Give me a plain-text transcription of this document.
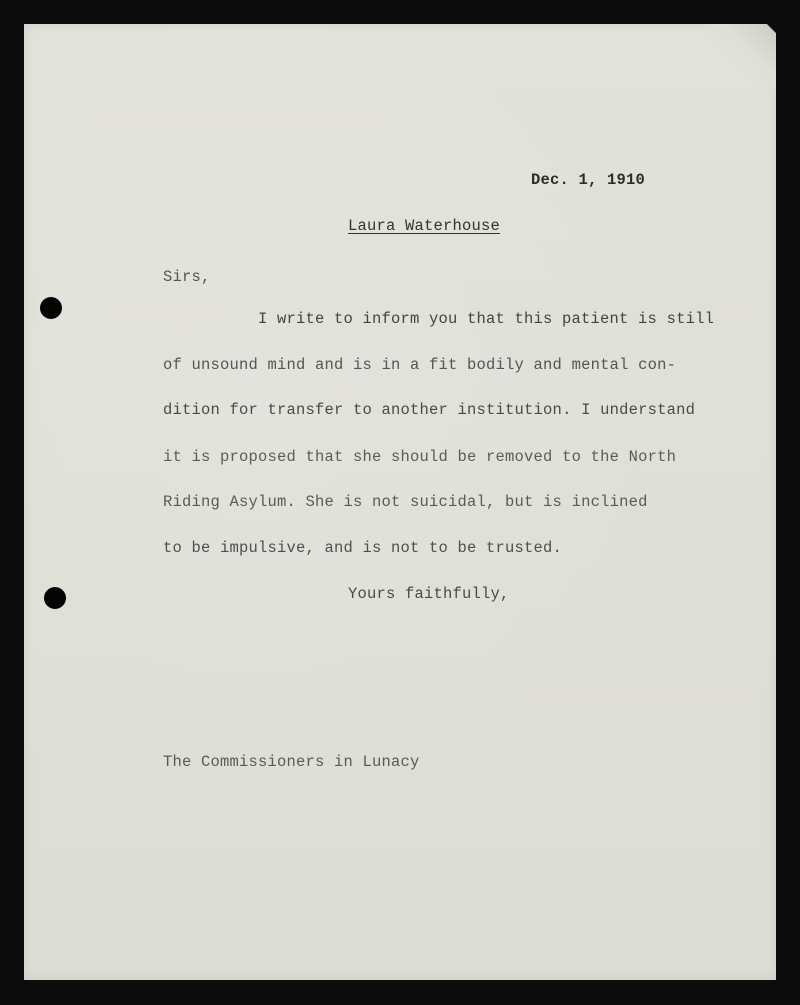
Dec. 1, 1910
Laura Waterhouse
Sirs,
I write to inform you that this patient is still
of unsound mind and is in a fit bodily and mental con-
dition for transfer to another institution. I understand
it is proposed that she should be removed to the North
Riding Asylum. She is not suicidal, but is inclined
to be impulsive, and is not to be trusted.
Yours faithfully,
The Commissioners in Lunacy
